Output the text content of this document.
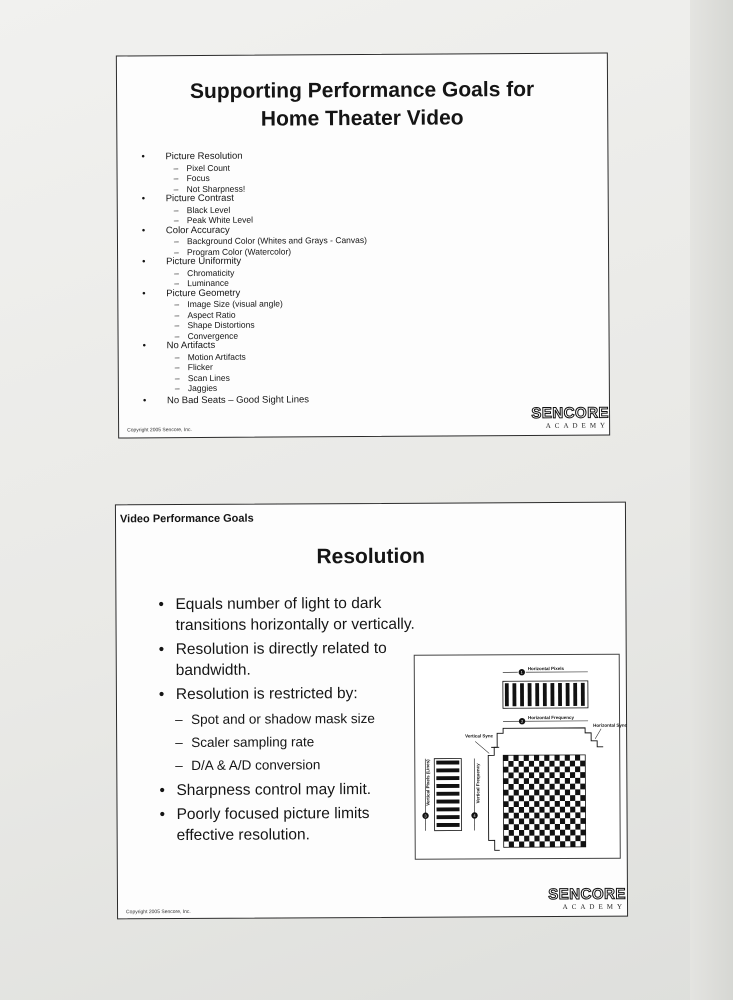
Supporting Performance Goals for
Home Theater Video
• Picture Resolution
– Pixel Count
– Focus
– Not Sharpness!
• Picture Contrast
– Black Level
– Peak White Level
• Color Accuracy
– Background Color (Whites and Grays - Canvas)
– Program Color (Watercolor)
• Picture Uniformity
– Chromaticity
– Luminance
• Picture Geometry
– Image Size (visual angle)
– Aspect Ratio
– Shape Distortions
– Convergence
• No Artifacts
– Motion Artifacts
– Flicker
– Scan Lines
– Jaggies
• No Bad Seats – Good Sight Lines
Copyright 2005 Sencore, Inc.
SENCORE
ACADEMY
Video Performance Goals
Resolution
• Equals number of light to dark transitions horizontally or vertically.
• Resolution is directly related to bandwidth.
• Resolution is restricted by:
– Spot and or shadow mask size
– Scaler sampling rate
– D/A & A/D conversion
• Sharpness control may limit.
• Poorly focused picture limits effective resolution.
1
Horizontal Pixels
2
Horizontal Frequency
Horizontal Sync
Vertical Sync
3
Vertical Pixels (Lines)
4
Vertical Frequency
Copyright 2005 Sencore, Inc.
SENCORE
ACADEMY
